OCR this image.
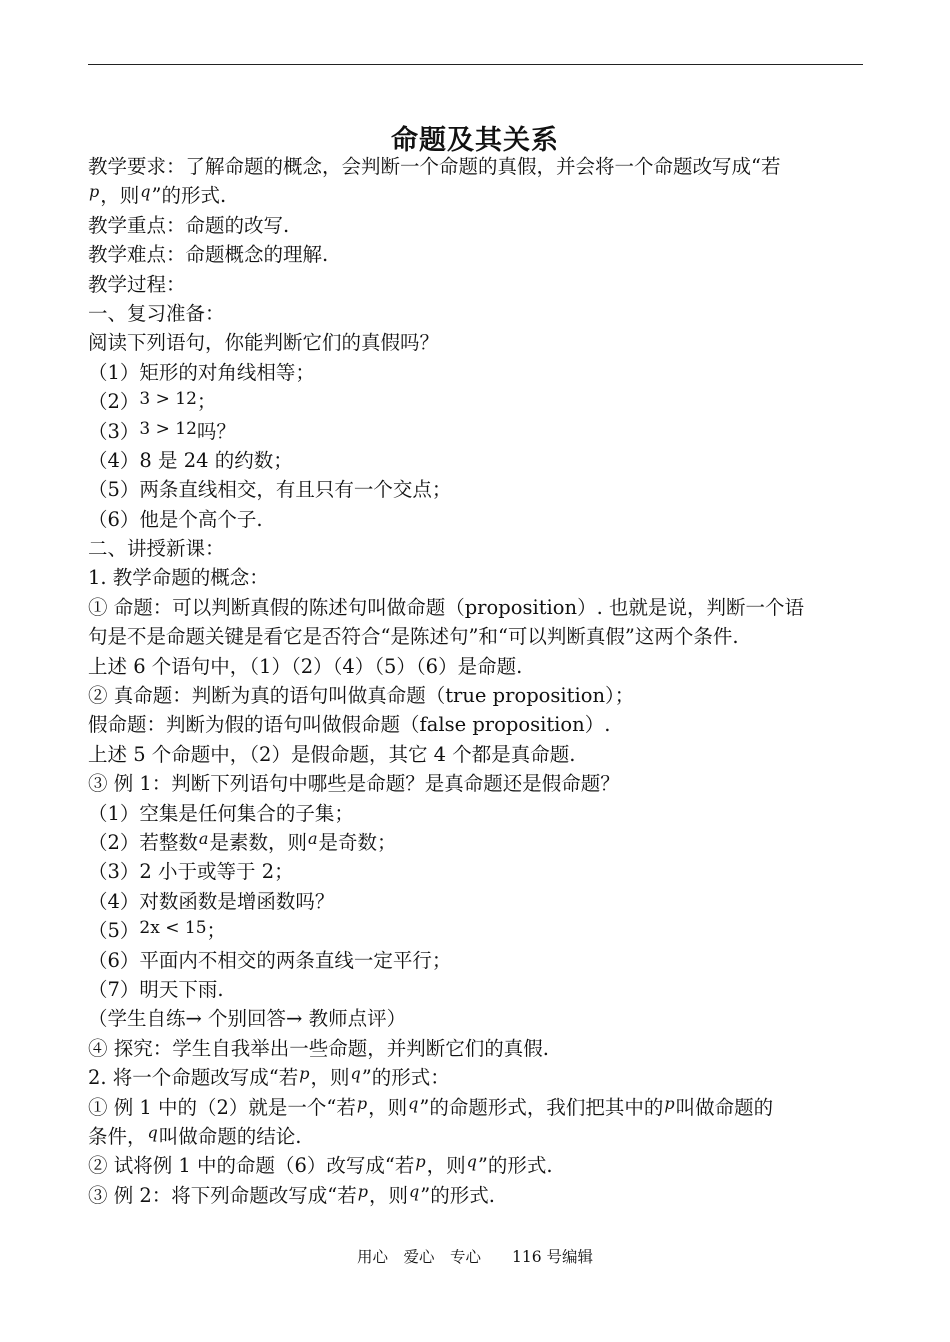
命题及其关系
教学要求：了解命题的概念，会判断一个命题的真假，并会将一个命题改写成“若
$^p$，则$^q$”的形式.
教学重点：命题的改写.
教学难点：命题概念的理解.
教学过程：
一、复习准备：
阅读下列语句，你能判断它们的真假吗？
（1）矩形的对角线相等；
（2）3 > 12；
（3）3 > 12吗？
（4）8 是 24 的约数；
（5）两条直线相交，有且只有一个交点；
（6）他是个高个子.
二、讲授新课：
1. 教学命题的概念：
① 命题：可以判断真假的陈述句叫做命题（proposition）. 也就是说，判断一个语
句是不是命题关键是看它是否符合“是陈述句”和“可以判断真假”这两个条件.
上述 6 个语句中，（1）（2）（4）（5）（6）是命题.
② 真命题：判断为真的语句叫做真命题（true proposition）；
假命题：判断为假的语句叫做假命题（false proposition）.
上述 5 个命题中，（2）是假命题，其它 4 个都是真命题.
③ 例 1：判断下列语句中哪些是命题？是真命题还是假命题？
（1）空集是任何集合的子集；
（2）若整数$^a$是素数，则$^a$是奇数；
（3）2 小于或等于 2；
（4）对数函数是增函数吗？
（5）2x < 15；
（6）平面内不相交的两条直线一定平行；
（7）明天下雨.
（学生自练→ 个别回答→ 教师点评）
④ 探究：学生自我举出一些命题，并判断它们的真假.
2. 将一个命题改写成“若$^p$，则$^q$”的形式：
① 例 1 中的（2）就是一个“若$^p$，则$^q$”的命题形式，我们把其中的$^p$叫做命题的
条件，$^q$叫做命题的结论.
② 试将例 1 中的命题（6）改写成“若$^p$，则$^q$”的形式.
③ 例 2：将下列命题改写成“若$^p$，则$^q$”的形式.
用心　爱心　专心　　116 号编辑
